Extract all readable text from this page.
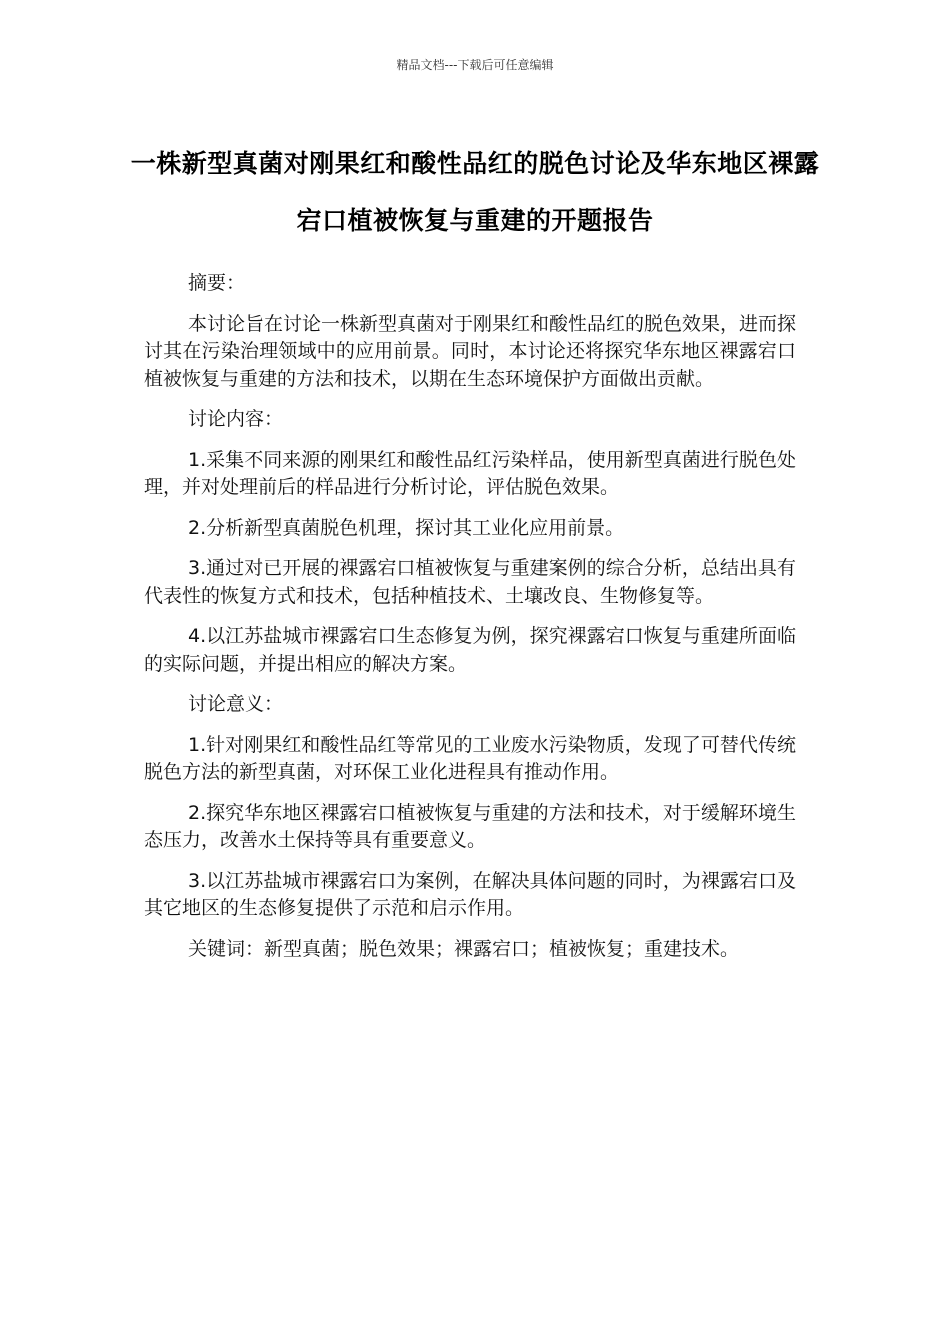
精品文档---下载后可任意编辑
一株新型真菌对刚果红和酸性品红的脱色讨论及华东地区裸露宕口植被恢复与重建的开题报告

摘要：

本讨论旨在讨论一株新型真菌对于刚果红和酸性品红的脱色效果，进而探讨其在污染治理领域中的应用前景。同时，本讨论还将探究华东地区裸露宕口植被恢复与重建的方法和技术，以期在生态环境保护方面做出贡献。

讨论内容：

1.采集不同来源的刚果红和酸性品红污染样品，使用新型真菌进行脱色处理，并对处理前后的样品进行分析讨论，评估脱色效果。

2.分析新型真菌脱色机理，探讨其工业化应用前景。

3.通过对已开展的裸露宕口植被恢复与重建案例的综合分析，总结出具有代表性的恢复方式和技术，包括种植技术、土壤改良、生物修复等。

4.以江苏盐城市裸露宕口生态修复为例，探究裸露宕口恢复与重建所面临的实际问题，并提出相应的解决方案。

讨论意义：

1.针对刚果红和酸性品红等常见的工业废水污染物质，发现了可替代传统脱色方法的新型真菌，对环保工业化进程具有推动作用。

2.探究华东地区裸露宕口植被恢复与重建的方法和技术，对于缓解环境生态压力，改善水土保持等具有重要意义。

3.以江苏盐城市裸露宕口为案例，在解决具体问题的同时，为裸露宕口及其它地区的生态修复提供了示范和启示作用。

关键词：新型真菌；脱色效果；裸露宕口；植被恢复；重建技术。
